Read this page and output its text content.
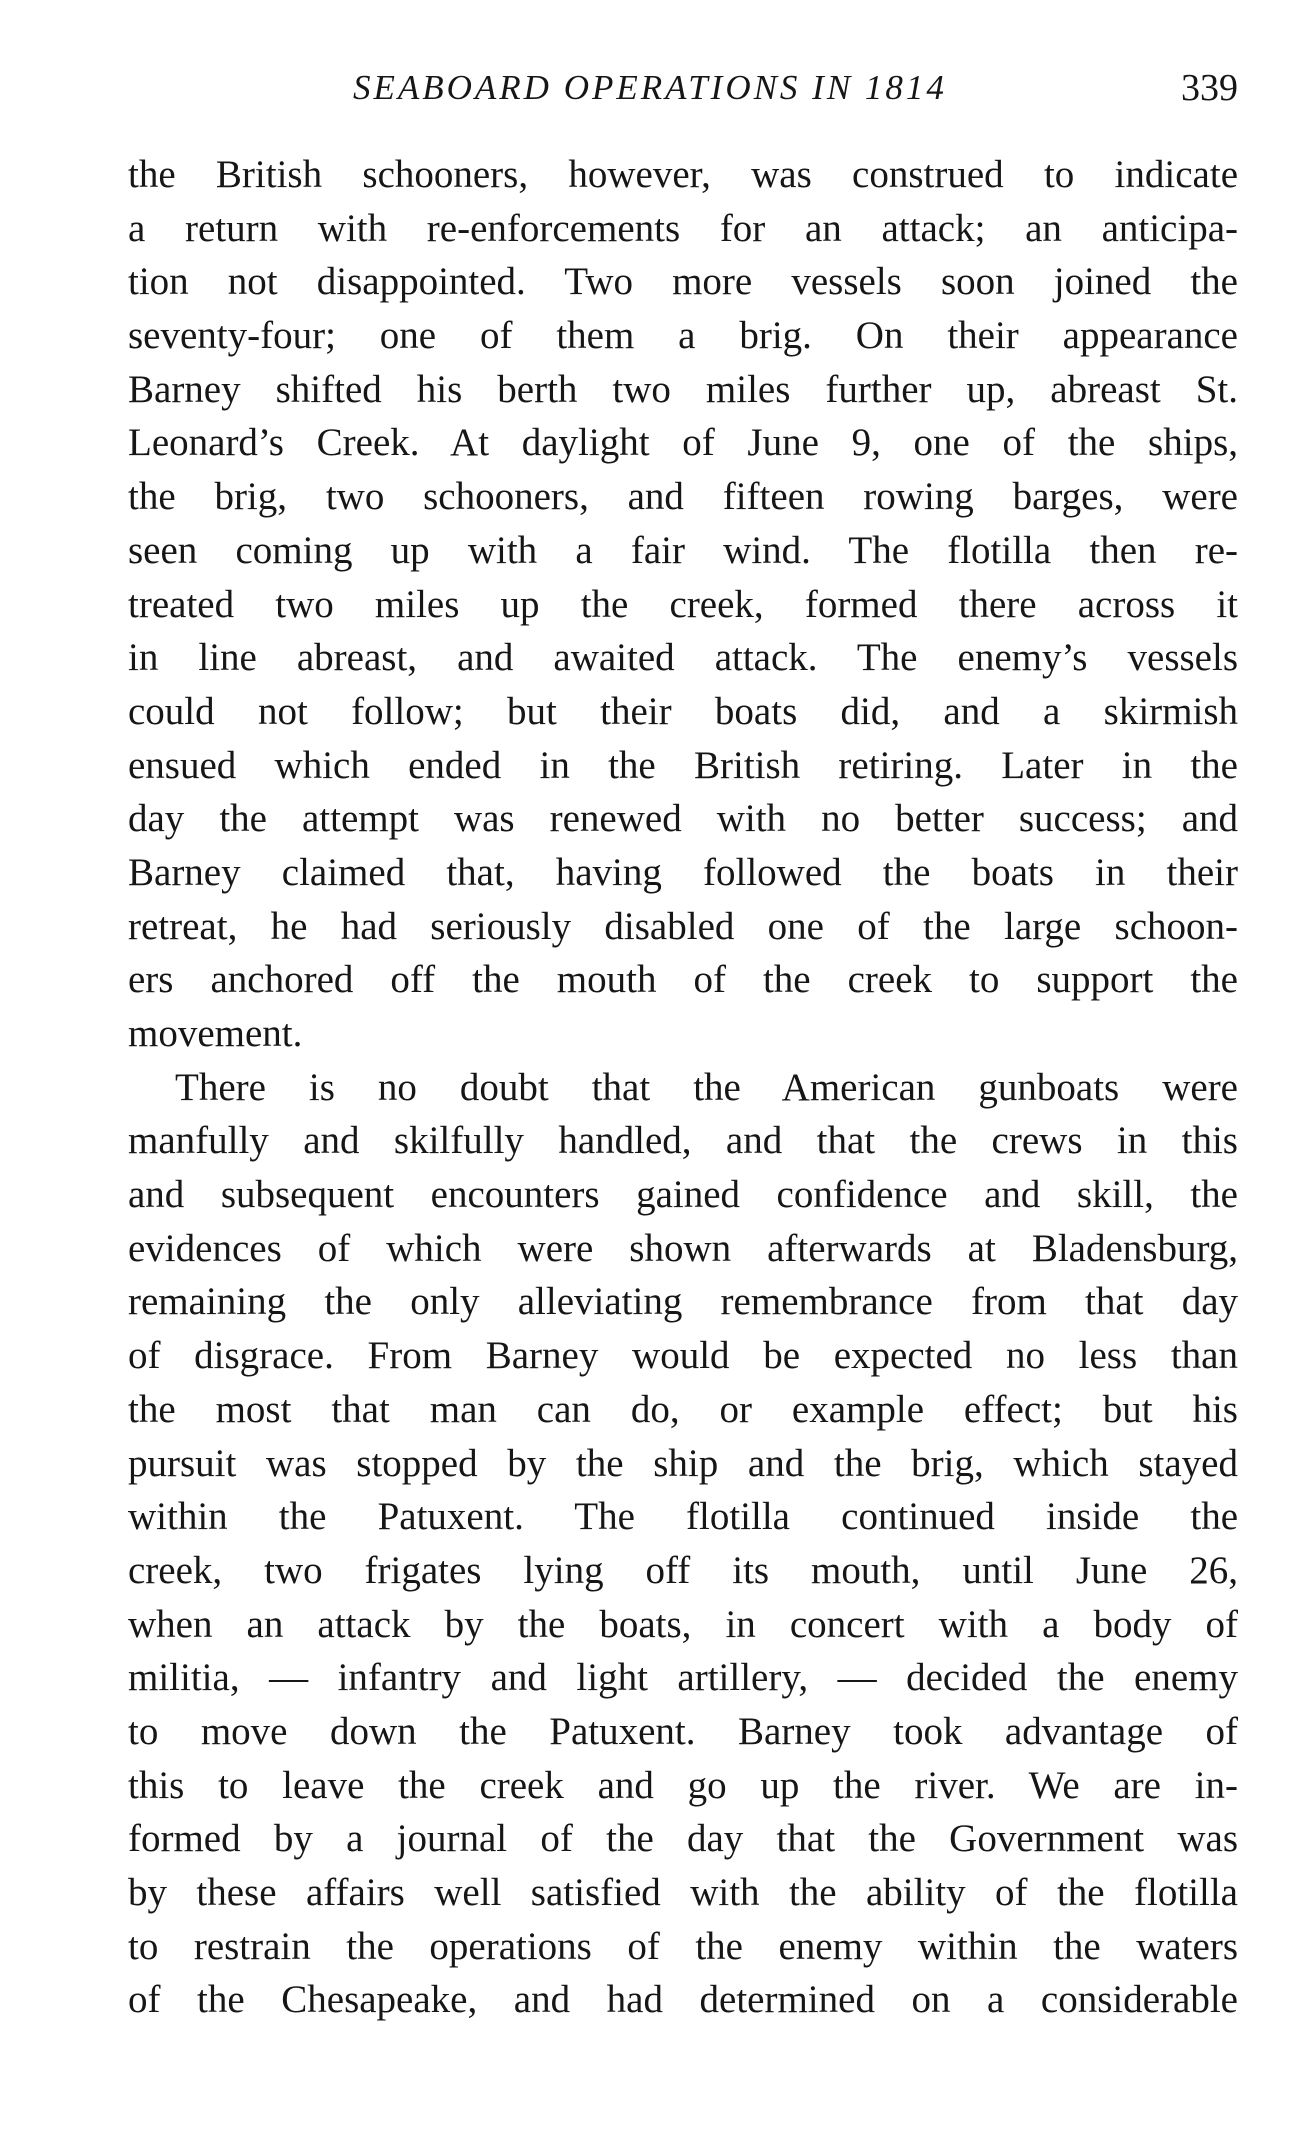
SEABOARD OPERATIONS IN 1814	339
the British schooners, however, was construed to indicate
a return with re-enforcements for an attack; an anticipa-
tion not disappointed. Two more vessels soon joined the
seventy-four; one of them a brig. On their appearance
Barney shifted his berth two miles further up, abreast St.
Leonard’s Creek. At daylight of June 9, one of the ships,
the brig, two schooners, and fifteen rowing barges, were
seen coming up with a fair wind. The flotilla then re-
treated two miles up the creek, formed there across it
in line abreast, and awaited attack. The enemy’s vessels
could not follow; but their boats did, and a skirmish
ensued which ended in the British retiring. Later in the
day the attempt was renewed with no better success; and
Barney claimed that, having followed the boats in their
retreat, he had seriously disabled one of the large schoon-
ers anchored off the mouth of the creek to support the
movement.
There is no doubt that the American gunboats were
manfully and skilfully handled, and that the crews in this
and subsequent encounters gained confidence and skill, the
evidences of which were shown afterwards at Bladensburg,
remaining the only alleviating remembrance from that day
of disgrace. From Barney would be expected no less than
the most that man can do, or example effect; but his
pursuit was stopped by the ship and the brig, which stayed
within the Patuxent. The flotilla continued inside the
creek, two frigates lying off its mouth, until June 26,
when an attack by the boats, in concert with a body of
militia, — infantry and light artillery, — decided the enemy
to move down the Patuxent. Barney took advantage of
this to leave the creek and go up the river. We are in-
formed by a journal of the day that the Government was
by these affairs well satisfied with the ability of the flotilla
to restrain the operations of the enemy within the waters
of the Chesapeake, and had determined on a considerable
